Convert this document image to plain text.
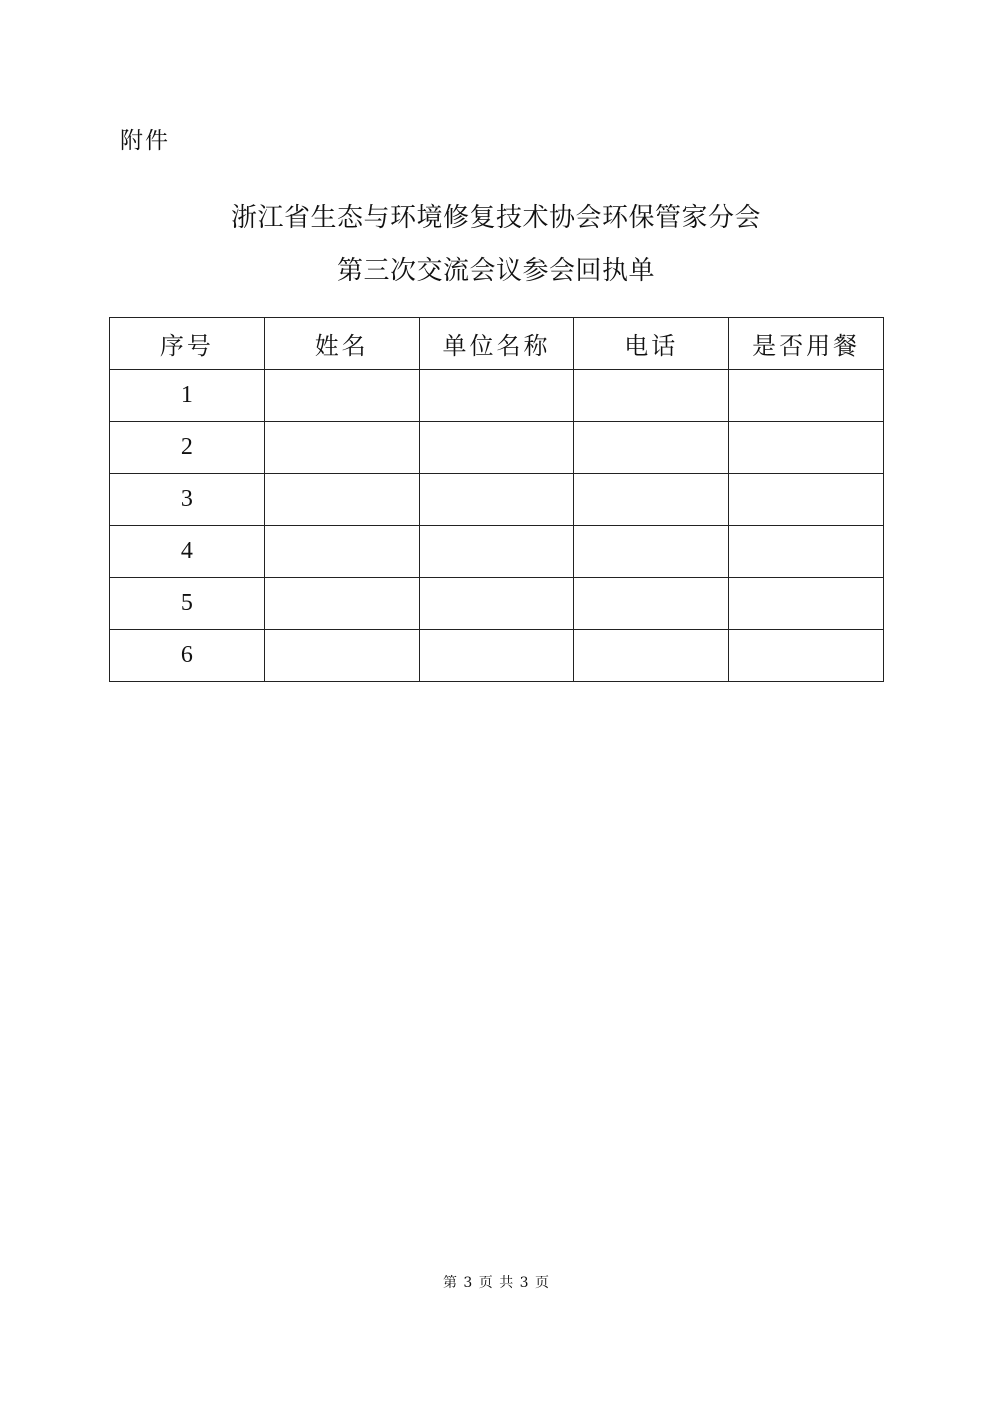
附件
浙江省生态与环境修复技术协会环保管家分会
第三次交流会议参会回执单
序号	姓名	单位名称	电话	是否用餐
1				
2				
3				
4				
5				
6				
第 3 页 共 3 页
